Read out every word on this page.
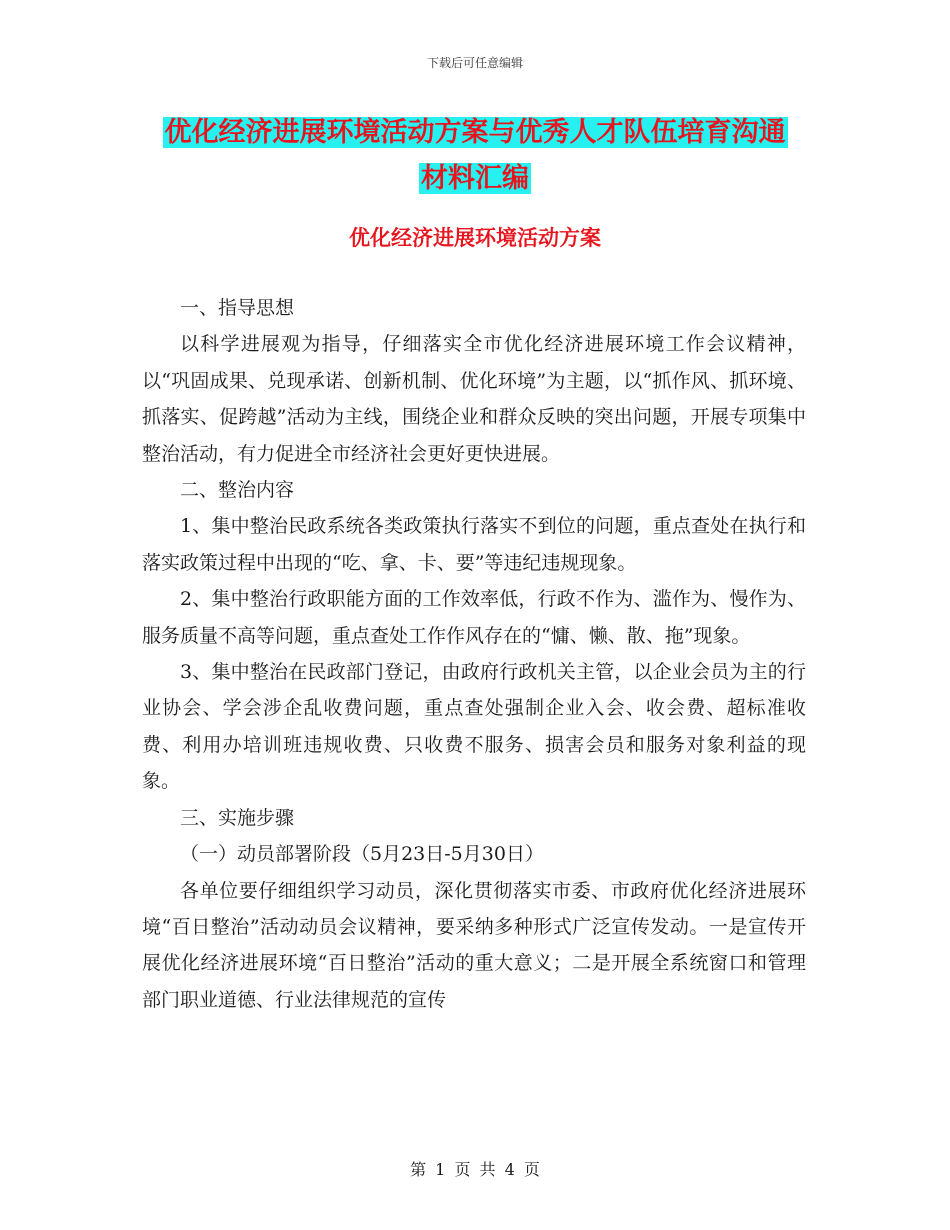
下载后可任意编辑
优化经济进展环境活动方案与优秀人才队伍培育沟通
材料汇编
优化经济进展环境活动方案

一、指导思想

以科学进展观为指导，仔细落实全市优化经济进展环境工作会议精神，以“巩固成果、兑现承诺、创新机制、优化环境”为主题，以“抓作风、抓环境、抓落实、促跨越”活动为主线，围绕企业和群众反映的突出问题，开展专项集中整治活动，有力促进全市经济社会更好更快进展。

二、整治内容

1、集中整治民政系统各类政策执行落实不到位的问题，重点查处在执行和落实政策过程中出现的“吃、拿、卡、要”等违纪违规现象。

2、集中整治行政职能方面的工作效率低，行政不作为、滥作为、慢作为、服务质量不高等问题，重点查处工作作风存在的“慵、懒、散、拖”现象。

3、集中整治在民政部门登记，由政府行政机关主管，以企业会员为主的行业协会、学会涉企乱收费问题，重点查处强制企业入会、收会费、超标准收费、利用办培训班违规收费、只收费不服务、损害会员和服务对象利益的现象。

三、实施步骤

（一）动员部署阶段（5月23日-5月30日）

各单位要仔细组织学习动员，深化贯彻落实市委、市政府优化经济进展环境“百日整治”活动动员会议精神，要采纳多种形式广泛宣传发动。一是宣传开展优化经济进展环境“百日整治”活动的重大意义；二是开展全系统窗口和管理部门职业道德、行业法律规范的宣传

第 1 页 共 4 页
